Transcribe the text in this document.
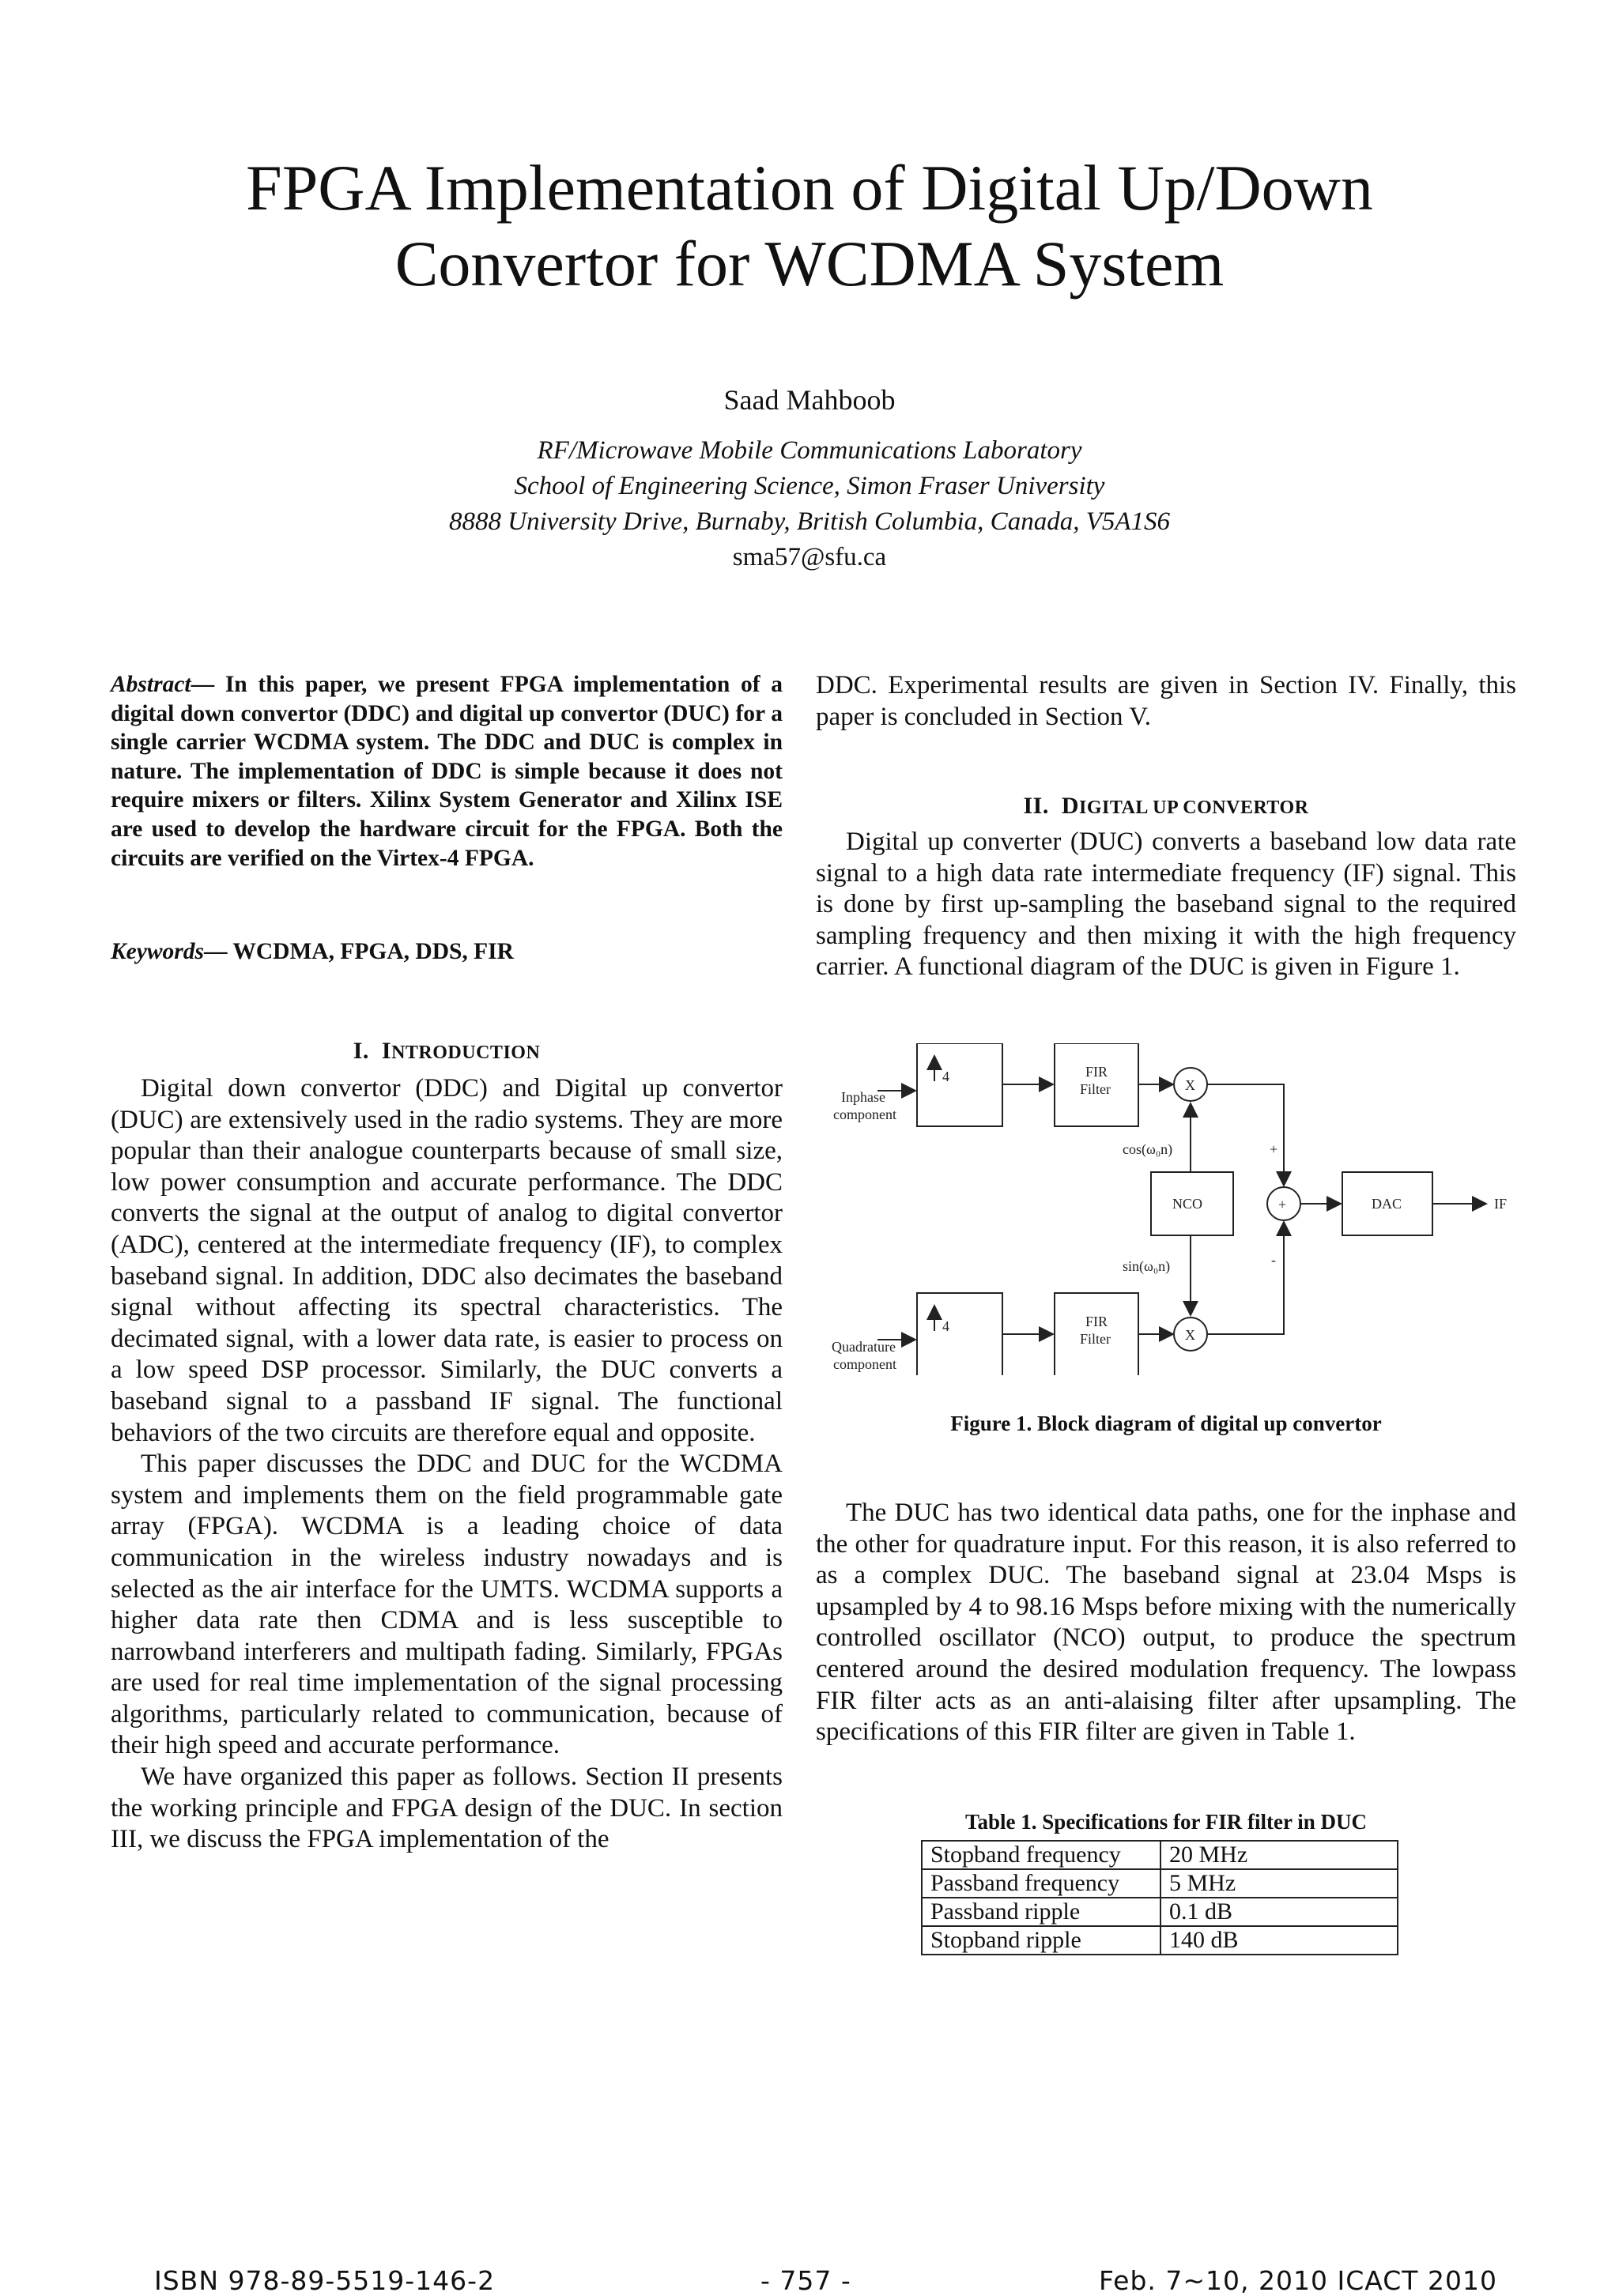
FPGA Implementation of Digital Up/Down
Convertor for WCDMA System
Saad Mahboob
RF/Microwave Mobile Communications Laboratory
School of Engineering Science, Simon Fraser University
8888 University Drive, Burnaby, British Columbia, Canada, V5A1S6
sma57@sfu.ca
Abstract— In this paper, we present FPGA implementation of a digital down convertor (DDC) and digital up convertor (DUC) for a single carrier WCDMA system. The DDC and DUC is complex in nature. The implementation of DDC is simple because it does not require mixers or filters. Xilinx System Generator and Xilinx ISE are used to develop the hardware circuit for the FPGA. Both the circuits are verified on the Virtex-4 FPGA.
Keywords— WCDMA, FPGA, DDS, FIR
I. INTRODUCTION

Digital down convertor (DDC) and Digital up convertor (DUC) are extensively used in the radio systems. They are more popular than their analogue counterparts because of small size, low power consumption and accurate performance. The DDC converts the signal at the output of analog to digital convertor (ADC), centered at the intermediate frequency (IF), to complex baseband signal. In addition, DDC also decimates the baseband signal without affecting its spectral characteristics. The decimated signal, with a lower data rate, is easier to process on a low speed DSP processor. Similarly, the DUC converts a baseband signal to a passband IF signal. The functional behaviors of the two circuits are therefore equal and opposite.

This paper discusses the DDC and DUC for the WCDMA system and implements them on the field programmable gate array (FPGA). WCDMA is a leading choice of data communication in the wireless industry nowadays and is selected as the air interface for the UMTS. WCDMA supports a higher data rate then CDMA and is less susceptible to narrowband interferers and multipath fading. Similarly, FPGAs are used for real time implementation of the signal processing algorithms, particularly related to communication, because of their high speed and accurate performance.

We have organized this paper as follows. Section II presents the working principle and FPGA design of the DUC. In section III, we discuss the FPGA implementation of the

DDC. Experimental results are given in Section IV. Finally, this paper is concluded in Section V.
II. DIGITAL UP CONVERTOR

Digital up converter (DUC) converts a baseband low data rate signal to a high data rate intermediate frequency (IF) signal. This is done by first up-sampling the baseband signal to the required sampling frequency and then mixing it with the high frequency carrier. A functional diagram of the DUC is given in Figure 1.

Inphase
component
Quadrature
component
4
4
FIR
Filter
FIR
Filter
X
X
NCO
cos(ω₀n)
sin(ω₀n)
+
-
+	DAC	IF
Figure 1. Block diagram of digital up convertor

The DUC has two identical data paths, one for the inphase and the other for quadrature input. For this reason, it is also referred to as a complex DUC. The baseband signal at 23.04 Msps is upsampled by 4 to 98.16 Msps before mixing with the numerically controlled oscillator (NCO) output, to produce the spectrum centered around the desired modulation frequency. The lowpass FIR filter acts as an anti-alaising filter after upsampling. The specifications of this FIR filter are given in Table 1.

Table 1. Specifications for FIR filter in DUC
Stopband frequency	20 MHz
Passband frequency	5 MHz
Passband ripple	0.1 dB
Stopband ripple	140 dB
ISBN 978-89-5519-146-2	- 757 -	Feb. 7~10, 2010 ICACT 2010
